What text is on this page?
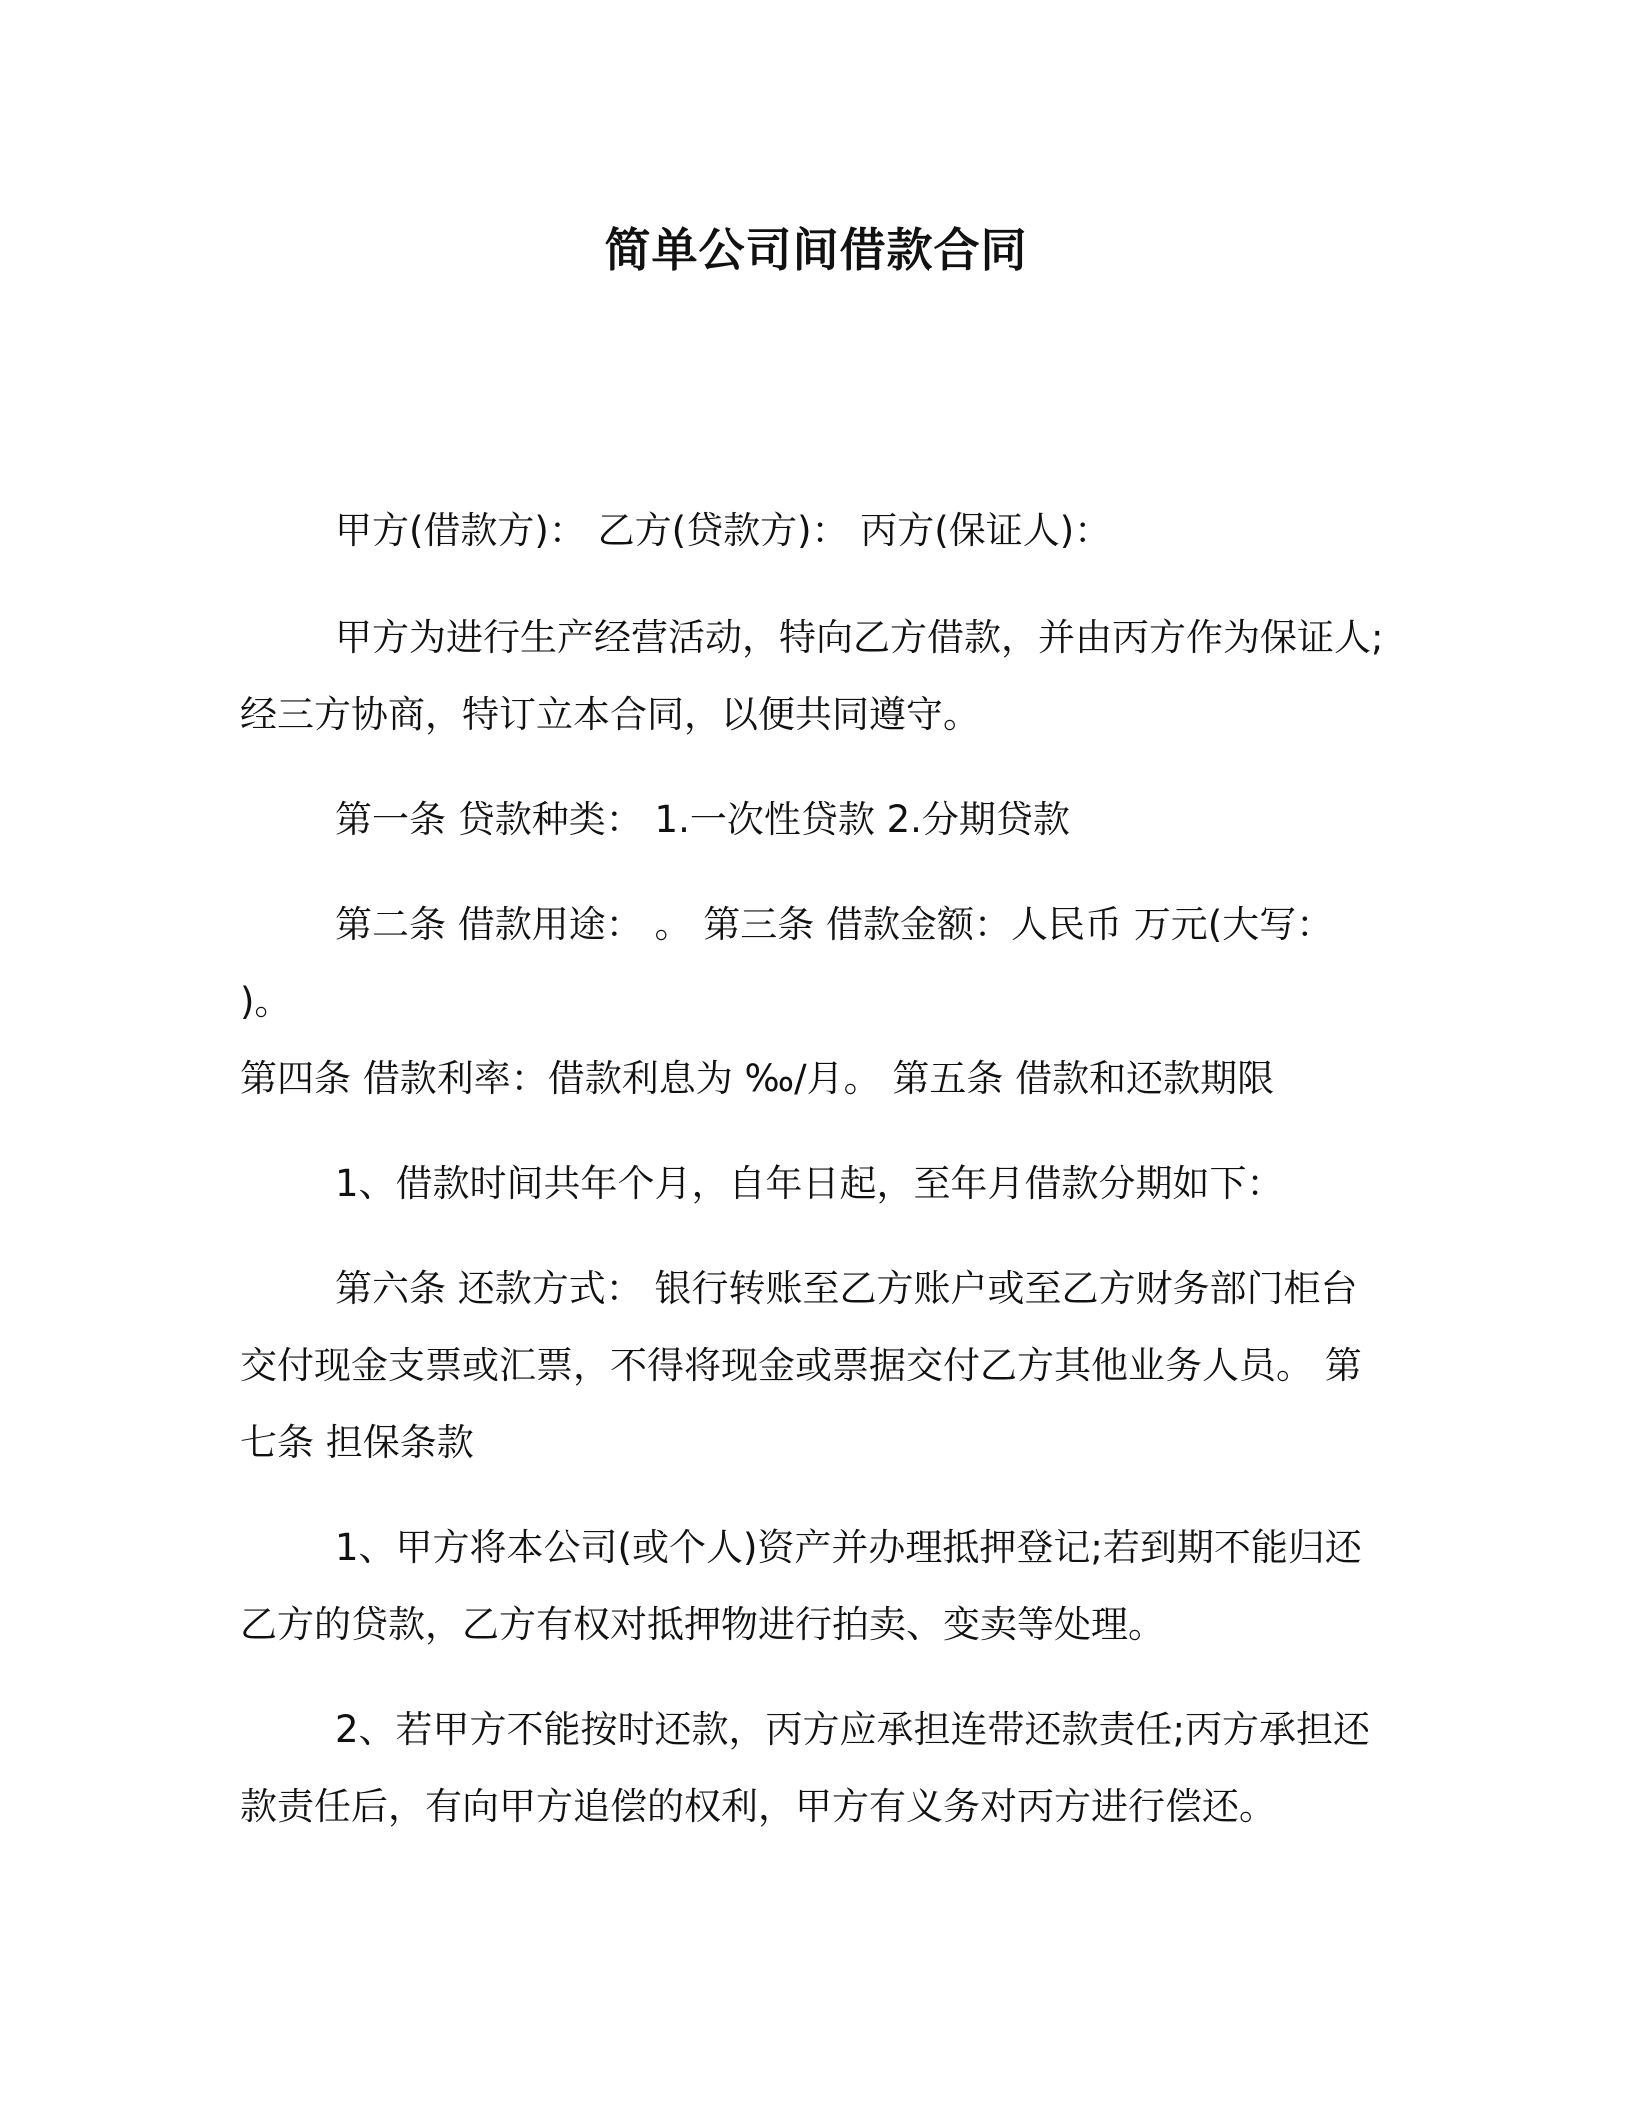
简单公司间借款合同

甲方(借款方)： 乙方(贷款方)： 丙方(保证人)：

甲方为进行生产经营活动，特向乙方借款，并由丙方作为保证人;
经三方协商，特订立本合同，以便共同遵守。

第一条 贷款种类： 1.一次性贷款 2.分期贷款

第二条 借款用途： 。 第三条 借款金额：人民币 万元(大写： )。
第四条 借款利率：借款利息为 ‰/月。 第五条 借款和还款期限

1、借款时间共年个月，自年日起，至年月借款分期如下：

第六条 还款方式： 银行转账至乙方账户或至乙方财务部门柜台
交付现金支票或汇票，不得将现金或票据交付乙方其他业务人员。 第
七条 担保条款

1、甲方将本公司(或个人)资产并办理抵押登记;若到期不能归还
乙方的贷款，乙方有权对抵押物进行拍卖、变卖等处理。

2、若甲方不能按时还款，丙方应承担连带还款责任;丙方承担还
款责任后，有向甲方追偿的权利，甲方有义务对丙方进行偿还。
